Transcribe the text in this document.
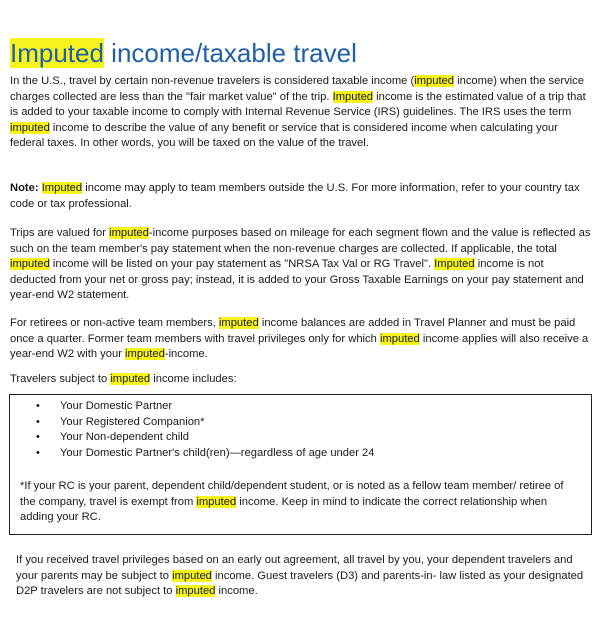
Imputed income/taxable travel

In the U.S., travel by certain non-revenue travelers is considered taxable income (imputed income) when the service charges collected are less than the "fair market value" of the trip. Imputed income is the estimated value of a trip that is added to your taxable income to comply with Internal Revenue Service (IRS) guidelines. The IRS uses the term imputed income to describe the value of any benefit or service that is considered income when calculating your federal taxes. In other words, you will be taxed on the value of the travel.

Note: Imputed income may apply to team members outside the U.S. For more information, refer to your country tax code or tax professional.

Trips are valued for imputed-income purposes based on mileage for each segment flown and the value is reflected as such on the team member's pay statement when the non-revenue charges are collected. If applicable, the total imputed income will be listed on your pay statement as "NRSA Tax Val or RG Travel". Imputed income is not deducted from your net or gross pay; instead, it is added to your Gross Taxable Earnings on your pay statement and year-end W2 statement.

For retirees or non-active team members, imputed income balances are added in Travel Planner and must be paid once a quarter. Former team members with travel privileges only for which imputed income applies will also receive a year-end W2 with your imputed-income.

Travelers subject to imputed income includes:

• Your Domestic Partner
• Your Registered Companion*
• Your Non-dependent child
• Your Domestic Partner's child(ren)—regardless of age under 24

*If your RC is your parent, dependent child/dependent student, or is noted as a fellow team member/ retiree of the company, travel is exempt from imputed income. Keep in mind to indicate the correct relationship when adding your RC.

If you received travel privileges based on an early out agreement, all travel by you, your dependent travelers and your parents may be subject to imputed income. Guest travelers (D3) and parents-in- law listed as your designated D2P travelers are not subject to imputed income.
